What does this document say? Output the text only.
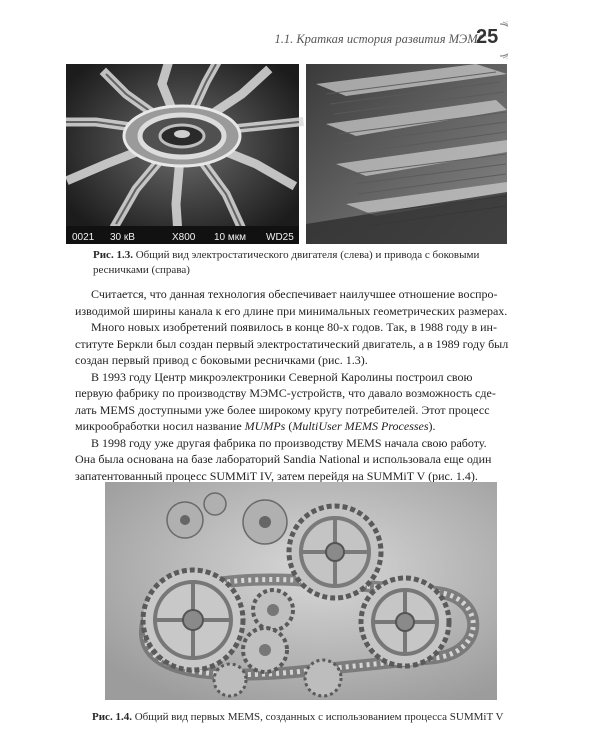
1.1. Краткая история развития МЭМС
25
0021 30 кВ	X800 10 мкм WD25
Рис. 1.3. Общий вид электростатического двигателя (слева) и привода с боковыми
ресничками (справа)

Считается, что данная технология обеспечивает наилучшее отношение воспро-
изводимой ширины канала к его длине при минимальных геометрических размерах.

Много новых изобретений появилось в конце 80-х годов. Так, в 1988 году в ин-
ституте Беркли был создан первый электростатический двигатель, а в 1989 году был
создан первый привод с боковыми ресничками (рис. 1.3).

В 1993 году Центр микроэлектроники Северной Каролины построил свою
первую фабрику по производству МЭМС-устройств, что давало возможность сде-
лать MEMS доступными уже более широкому кругу потребителей. Этот процесс
микрообработки носил название MUMPs (MultiUser MEMS Processes).

В 1998 году уже другая фабрика по производству MEMS начала свою работу.
Она была основана на базе лабораторий Sandia National и использовала еще один
запатентованный процесс SUMMiT IV, затем перейдя на SUMMiT V (рис. 1.4).

Рис. 1.4. Общий вид первых MEMS, созданных с использованием процесса SUMMiT V
